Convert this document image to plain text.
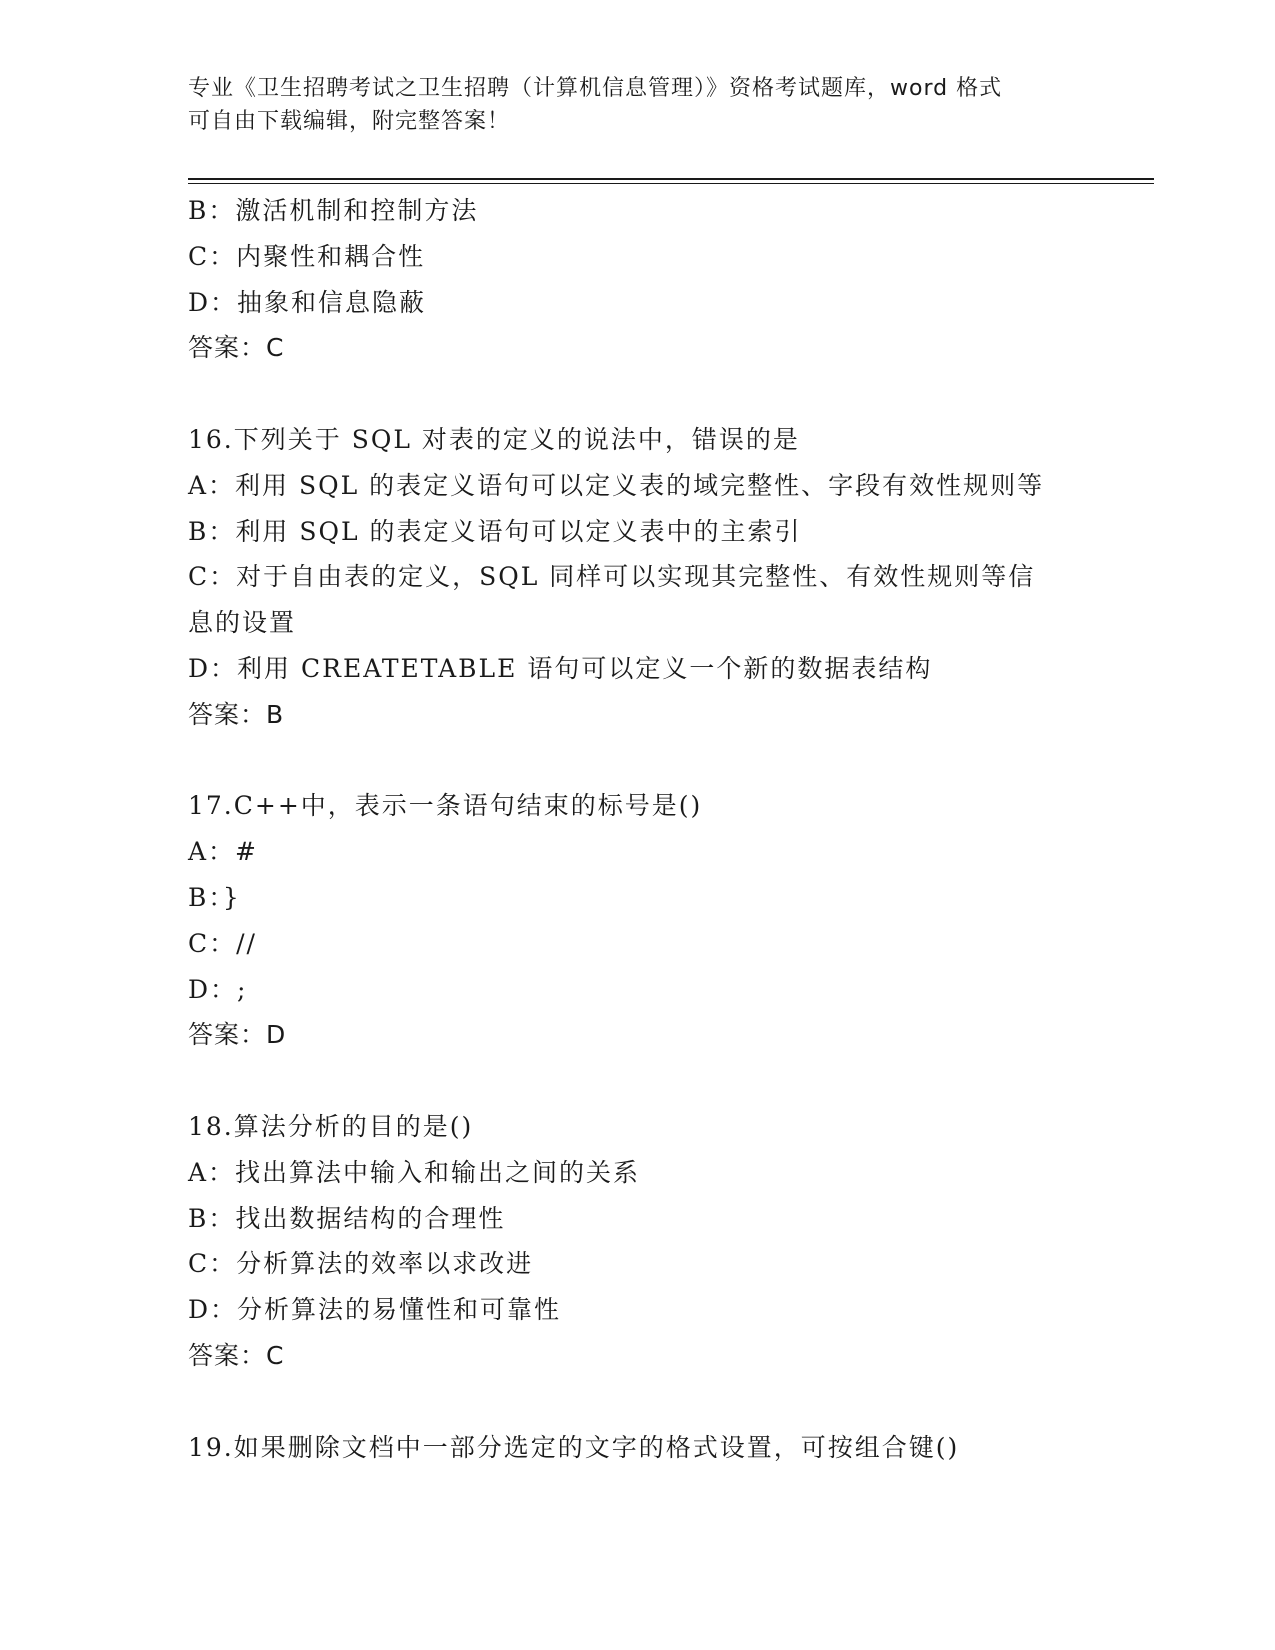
专业《卫生招聘考试之卫生招聘（计算机信息管理）》资格考试题库，word 格式
可自由下载编辑，附完整答案！
B：激活机制和控制方法
C：内聚性和耦合性
D：抽象和信息隐蔽
答案：C
16.下列关于 SQL 对表的定义的说法中，错误的是
A：利用 SQL 的表定义语句可以定义表的域完整性、字段有效性规则等
B：利用 SQL 的表定义语句可以定义表中的主索引
C：对于自由表的定义，SQL 同样可以实现其完整性、有效性规则等信
息的设置
D：利用 CREATETABLE 语句可以定义一个新的数据表结构
答案：B
17.C++中，表示一条语句结束的标号是()
A：#
B：}
C：//
D：;
答案：D
18.算法分析的目的是()
A：找出算法中输入和输出之间的关系
B：找出数据结构的合理性
C：分析算法的效率以求改进
D：分析算法的易懂性和可靠性
答案：C
19.如果删除文档中一部分选定的文字的格式设置，可按组合键()
